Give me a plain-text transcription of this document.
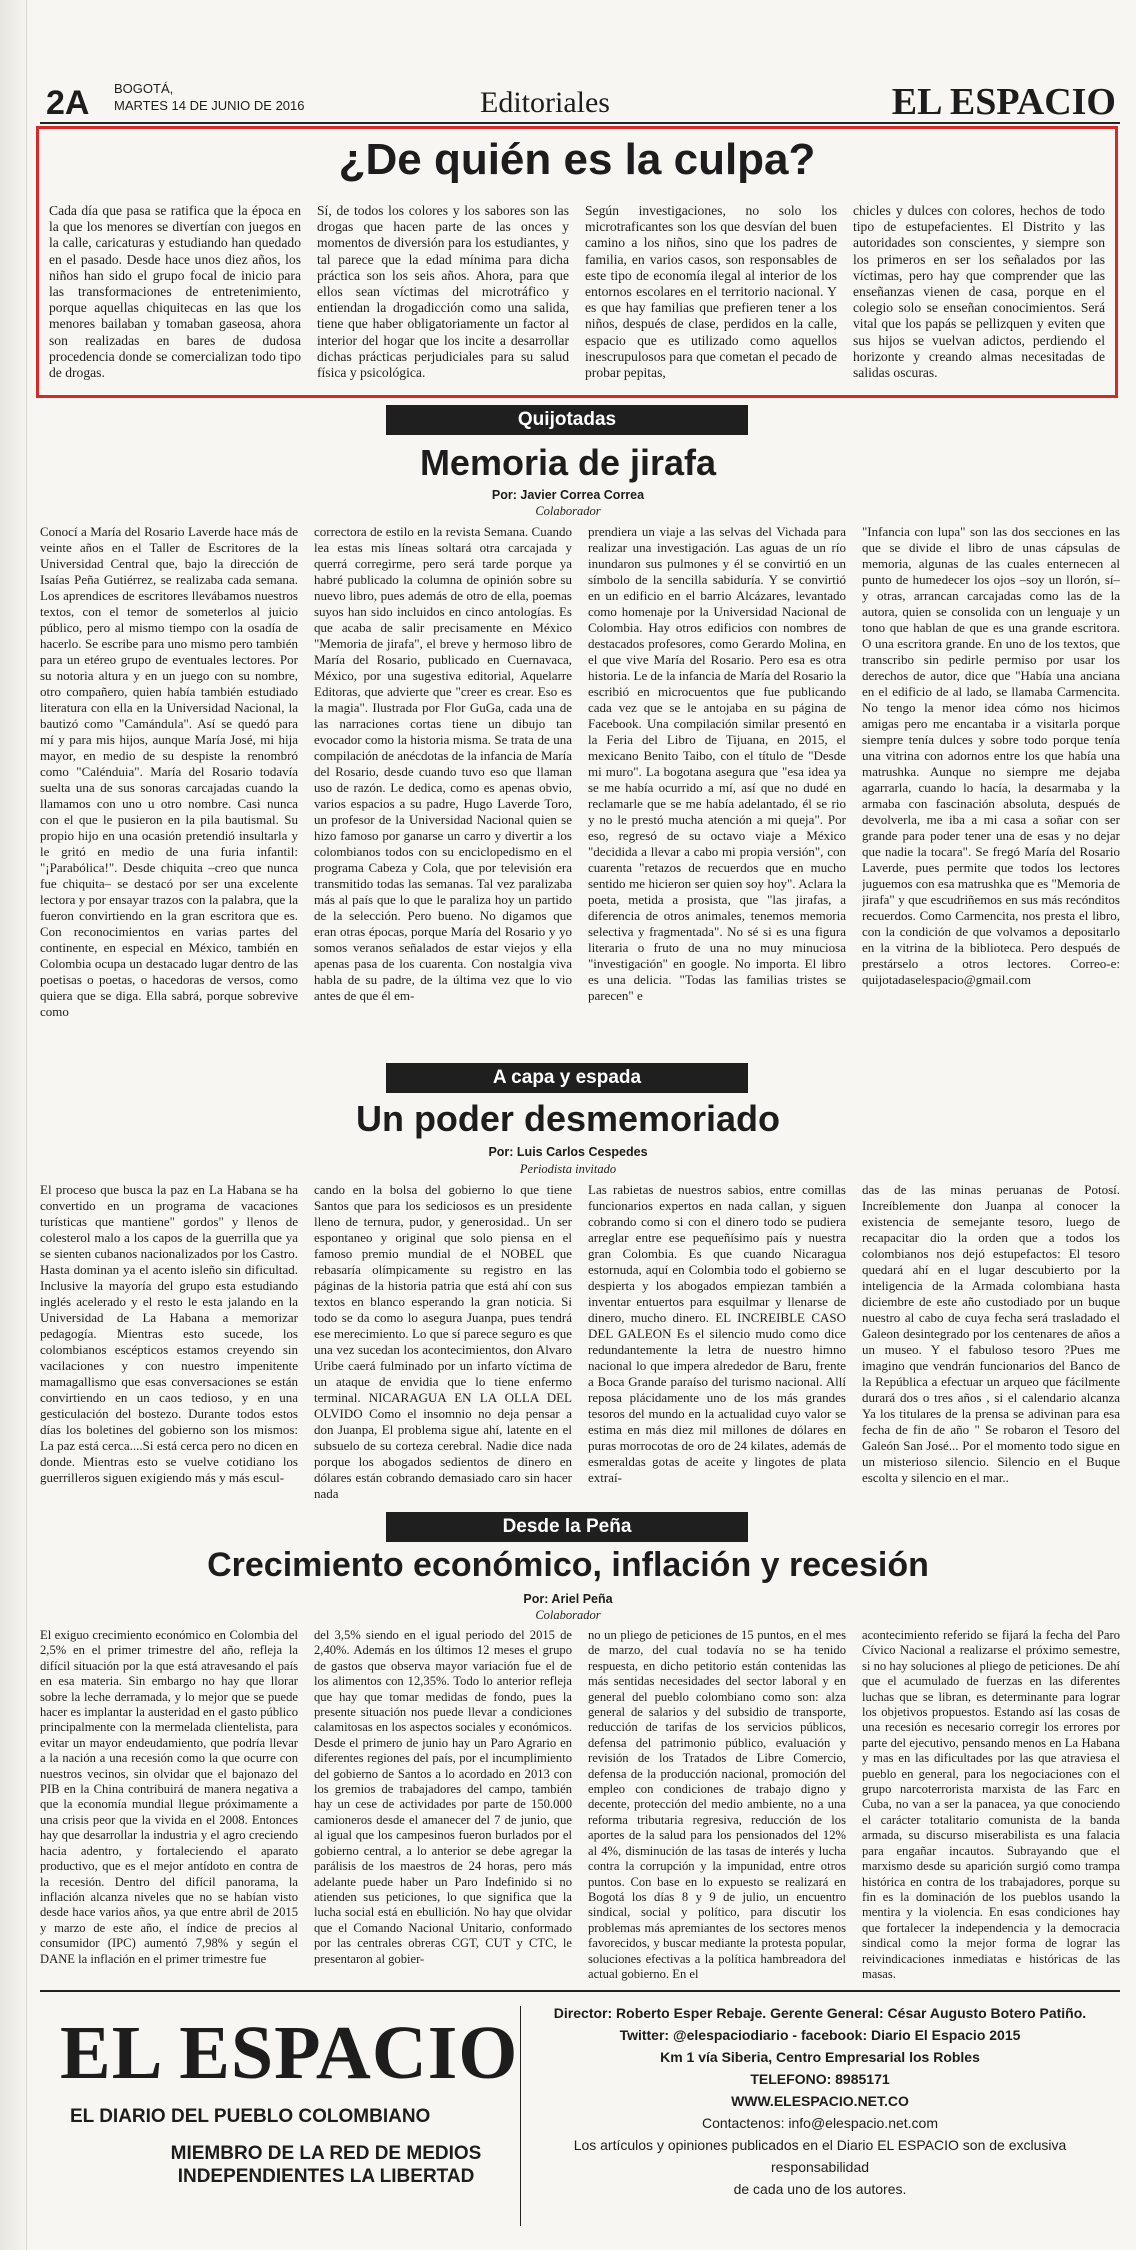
2A BOGOTÁ,
MARTES 14 DE JUNIO DE 2016	Editoriales	EL ESPACIO
¿De quién es la culpa?

Cada día que pasa se ratifica que la época en la que los menores se divertían con juegos en la calle, caricaturas y estudiando han quedado en el pasado. Desde hace unos diez años, los niños han sido el grupo focal de inicio para las transformaciones de entretenimiento, porque aquellas chiquitecas en las que los menores bailaban y tomaban gaseosa, ahora son realizadas en bares de dudosa procedencia donde se comercializan todo tipo de drogas.

Sí, de todos los colores y los sabores son las drogas que hacen parte de las onces y momentos de diversión para los estudiantes, y tal parece que la edad mínima para dicha práctica son los seis años. Ahora, para que ellos sean víctimas del microtráfico y entiendan la drogadicción como una salida, tiene que haber obligatoriamente un factor al interior del hogar que los incite a desarrollar dichas prácticas perjudiciales para su salud física y psicológica.

Según investigaciones, no solo los microtraficantes son los que desvían del buen camino a los niños, sino que los padres de familia, en varios casos, son responsables de este tipo de economía ilegal al interior de los entornos escolares en el territorio nacional. Y es que hay familias que prefieren tener a los niños, después de clase, perdidos en la calle, espacio que es utilizado como aquellos inescrupulosos para que cometan el pecado de probar pepitas,

chicles y dulces con colores, hechos de todo tipo de estupefacientes. El Distrito y las autoridades son conscientes, y siempre son los primeros en ser los señalados por las víctimas, pero hay que comprender que las enseñanzas vienen de casa, porque en el colegio solo se enseñan conocimientos. Será vital que los papás se pellizquen y eviten que sus hijos se vuelvan adictos, perdiendo el horizonte y creando almas necesitadas de salidas oscuras.

Quijotadas
Memoria de jirafa
Por: Javier Correa Correa
Colaborador

Conocí a María del Rosario Laverde hace más de veinte años en el Taller de Escritores de la Universidad Central que, bajo la dirección de Isaías Peña Gutiérrez, se realizaba cada semana. Los aprendices de escritores llevábamos nuestros textos, con el temor de someterlos al juicio público, pero al mismo tiempo con la osadía de hacerlo. Se escribe para uno mismo pero también para un etéreo grupo de eventuales lectores. Por su notoria altura y en un juego con su nombre, otro compañero, quien había también estudiado literatura con ella en la Universidad Nacional, la bautizó como "Camándula". Así se quedó para mí y para mis hijos, aunque María José, mi hija mayor, en medio de su despiste la renombró como "Calénduia". María del Rosario todavía suelta una de sus sonoras carcajadas cuando la llamamos con uno u otro nombre. Casi nunca con el que le pusieron en la pila bautismal. Su propio hijo en una ocasión pretendió insultarla y le gritó en medio de una furia infantil: "¡Parabólica!". Desde chiquita –creo que nunca fue chiquita– se destacó por ser una excelente lectora y por ensayar trazos con la palabra, que la fueron convirtiendo en la gran escritora que es. Con reconocimientos en varias partes del continente, en especial en México, también en Colombia ocupa un destacado lugar dentro de las poetisas o poetas, o hacedoras de versos, como quiera que se diga. Ella sabrá, porque sobrevive como

correctora de estilo en la revista Semana. Cuando lea estas mis líneas soltará otra carcajada y querrá corregirme, pero será tarde porque ya habré publicado la columna de opinión sobre su nuevo libro, pues además de otro de ella, poemas suyos han sido incluidos en cinco antologías. Es que acaba de salir precisamente en México "Memoria de jirafa", el breve y hermoso libro de María del Rosario, publicado en Cuernavaca, México, por una sugestiva editorial, Aquelarre Editoras, que advierte que "creer es crear. Eso es la magia". Ilustrada por Flor GuGa, cada una de las narraciones cortas tiene un dibujo tan evocador como la historia misma. Se trata de una compilación de anécdotas de la infancia de María del Rosario, desde cuando tuvo eso que llaman uso de razón. Le dedica, como es apenas obvio, varios espacios a su padre, Hugo Laverde Toro, un profesor de la Universidad Nacional quien se hizo famoso por ganarse un carro y divertir a los colombianos todos con su enciclopedismo en el programa Cabeza y Cola, que por televisión era transmitido todas las semanas. Tal vez paralizaba más al país que lo que le paraliza hoy un partido de la selección. Pero bueno. No digamos que eran otras épocas, porque María del Rosario y yo somos veranos señalados de estar viejos y ella apenas pasa de los cuarenta. Con nostalgia viva habla de su padre, de la última vez que lo vio antes de que él em-

prendiera un viaje a las selvas del Vichada para realizar una investigación. Las aguas de un río inundaron sus pulmones y él se convirtió en un símbolo de la sencilla sabiduría. Y se convirtió en un edificio en el barrio Alcázares, levantado como homenaje por la Universidad Nacional de Colombia. Hay otros edificios con nombres de destacados profesores, como Gerardo Molina, en el que vive María del Rosario. Pero esa es otra historia. Le de la infancia de María del Rosario la escribió en microcuentos que fue publicando cada vez que se le antojaba en su página de Facebook. Una compilación similar presentó en la Feria del Libro de Tijuana, en 2015, el mexicano Benito Taibo, con el título de "Desde mi muro". La bogotana asegura que "esa idea ya se me había ocurrido a mí, así que no dudé en reclamarle que se me había adelantado, él se rio y no le prestó mucha atención a mi queja". Por eso, regresó de su octavo viaje a México "decidida a llevar a cabo mi propia versión", con cuarenta "retazos de recuerdos que en mucho sentido me hicieron ser quien soy hoy". Aclara la poeta, metida a prosista, que "las jirafas, a diferencia de otros animales, tenemos memoria selectiva y fragmentada". No sé si es una figura literaria o fruto de una no muy minuciosa "investigación" en google. No importa. El libro es una delicia. "Todas las familias tristes se parecen" e

"Infancia con lupa" son las dos secciones en las que se divide el libro de unas cápsulas de memoria, algunas de las cuales enternecen al punto de humedecer los ojos –soy un llorón, sí– y otras, arrancan carcajadas como las de la autora, quien se consolida con un lenguaje y un tono que hablan de que es una grande escritora. O una escritora grande. En uno de los textos, que transcribo sin pedirle permiso por usar los derechos de autor, dice que "Había una anciana en el edificio de al lado, se llamaba Carmencita. No tengo la menor idea cómo nos hicimos amigas pero me encantaba ir a visitarla porque siempre tenía dulces y sobre todo porque tenía una vitrina con adornos entre los que había una matrushka. Aunque no siempre me dejaba agarrarla, cuando lo hacía, la desarmaba y la armaba con fascinación absoluta, después de devolverla, me iba a mi casa a soñar con ser grande para poder tener una de esas y no dejar que nadie la tocara". Se fregó María del Rosario Laverde, pues permite que todos los lectores juguemos con esa matrushka que es "Memoria de jirafa" y que escudriñemos en sus más recónditos recuerdos. Como Carmencita, nos presta el libro, con la condición de que volvamos a depositarlo en la vitrina de la biblioteca. Pero después de prestárselo a otros lectores. Correo-e: quijotadaselespacio@gmail.com

A capa y espada
Un poder desmemoriado
Por: Luis Carlos Cespedes
Periodista invitado

El proceso que busca la paz en La Habana se ha convertido en un programa de vacaciones turísticas que mantiene" gordos" y llenos de colesterol malo a los capos de la guerrilla que ya se sienten cubanos nacionalizados por los Castro. Hasta dominan ya el acento isleño sin dificultad. Inclusive la mayoría del grupo esta estudiando inglés acelerado y el resto le esta jalando en la Universidad de La Habana a memorizar pedagogía. Mientras esto sucede, los colombianos escépticos estamos creyendo sin vacilaciones y con nuestro impenitente mamagallismo que esas conversaciones se están convirtiendo en un caos tedioso, y en una gesticulación del bostezo. Durante todos estos días los boletines del gobierno son los mismos: La paz está cerca....Si está cerca pero no dicen en donde. Mientras esto se vuelve cotidiano los guerrilleros siguen exigiendo más y más escul-

cando en la bolsa del gobierno lo que tiene Santos que para los sediciosos es un presidente lleno de ternura, pudor, y generosidad.. Un ser espontaneo y original que solo piensa en el famoso premio mundial de el NOBEL que rebasaría olímpicamente su registro en las páginas de la historia patria que está ahí con sus textos en blanco esperando la gran noticia. Si todo se da como lo asegura Juanpa, pues tendrá ese merecimiento. Lo que sí parece seguro es que una vez sucedan los acontecimientos, don Alvaro Uribe caerá fulminado por un infarto víctima de un ataque de envidia que lo tiene enfermo terminal. NICARAGUA EN LA OLLA DEL OLVIDO Como el insomnio no deja pensar a don Juanpa, El problema sigue ahí, latente en el subsuelo de su corteza cerebral. Nadie dice nada porque los abogados sedientos de dinero en dólares están cobrando demasiado caro sin hacer nada

Las rabietas de nuestros sabios, entre comillas funcionarios expertos en nada callan, y siguen cobrando como si con el dinero todo se pudiera arreglar entre ese pequeñísimo país y nuestra gran Colombia. Es que cuando Nicaragua estornuda, aquí en Colombia todo el gobierno se despierta y los abogados empiezan también a inventar entuertos para esquilmar y llenarse de dinero, mucho dinero. EL INCREIBLE CASO DEL GALEON Es el silencio mudo como dice redundantemente la letra de nuestro himno nacional lo que impera alrededor de Baru, frente a Boca Grande paraíso del turismo nacional. Allí reposa plácidamente uno de los más grandes tesoros del mundo en la actualidad cuyo valor se estima en más diez mil millones de dólares en puras morrocotas de oro de 24 kilates, además de esmeraldas gotas de aceite y lingotes de plata extraí-

das de las minas peruanas de Potosí. Increíblemente don Juanpa al conocer la existencia de semejante tesoro, luego de recapacitar dio la orden que a todos los colombianos nos dejó estupefactos: El tesoro quedará ahí en el lugar descubierto por la inteligencia de la Armada colombiana hasta diciembre de este año custodiado por un buque nuestro al cabo de cuya fecha será trasladado el Galeon desintegrado por los centenares de años a un museo. Y el fabuloso tesoro ?Pues me imagino que vendrán funcionarios del Banco de la República a efectuar un arqueo que fácilmente durará dos o tres años , si el calendario alcanza Ya los titulares de la prensa se adivinan para esa fecha de fin de año " Se robaron el Tesoro del Galeón San José... Por el momento todo sigue en un misterioso silencio. Silencio en el Buque escolta y silencio en el mar..

Desde la Peña
Crecimiento económico, inflación y recesión
Por: Ariel Peña
Colaborador

El exiguo crecimiento económico en Colombia del 2,5% en el primer trimestre del año, refleja la difícil situación por la que está atravesando el país en esa materia. Sin embargo no hay que llorar sobre la leche derramada, y lo mejor que se puede hacer es implantar la austeridad en el gasto público principalmente con la mermelada clientelista, para evitar un mayor endeudamiento, que podría llevar a la nación a una recesión como la que ocurre con nuestros vecinos, sin olvidar que el bajonazo del PIB en la China contribuirá de manera negativa a que la economía mundial llegue próximamente a una crisis peor que la vivida en el 2008. Entonces hay que desarrollar la industria y el agro creciendo hacia adentro, y fortaleciendo el aparato productivo, que es el mejor antídoto en contra de la recesión. Dentro del difícil panorama, la inflación alcanza niveles que no se habían visto desde hace varios años, ya que entre abril de 2015 y marzo de este año, el índice de precios al consumidor (IPC) aumentó 7,98% y según el DANE la inflación en el primer trimestre fue

del 3,5% siendo en el igual periodo del 2015 de 2,40%. Además en los últimos 12 meses el grupo de gastos que observa mayor variación fue el de los alimentos con 12,35%. Todo lo anterior refleja que hay que tomar medidas de fondo, pues la presente situación nos puede llevar a condiciones calamitosas en los aspectos sociales y económicos. Desde el primero de junio hay un Paro Agrario en diferentes regiones del país, por el incumplimiento del gobierno de Santos a lo acordado en 2013 con los gremios de trabajadores del campo, también hay un cese de actividades por parte de 150.000 camioneros desde el amanecer del 7 de junio, que al igual que los campesinos fueron burlados por el gobierno central, a lo anterior se debe agregar la parálisis de los maestros de 24 horas, pero más adelante puede haber un Paro Indefinido si no atienden sus peticiones, lo que significa que la lucha social está en ebullición. No hay que olvidar que el Comando Nacional Unitario, conformado por las centrales obreras CGT, CUT y CTC, le presentaron al gobier-

no un pliego de peticiones de 15 puntos, en el mes de marzo, del cual todavía no se ha tenido respuesta, en dicho petitorio están contenidas las más sentidas necesidades del sector laboral y en general del pueblo colombiano como son: alza general de salarios y del subsidio de transporte, reducción de tarifas de los servicios públicos, defensa del patrimonio público, evaluación y revisión de los Tratados de Libre Comercio, defensa de la producción nacional, promoción del empleo con condiciones de trabajo digno y decente, protección del medio ambiente, no a una reforma tributaria regresiva, reducción de los aportes de la salud para los pensionados del 12% al 4%, disminución de las tasas de interés y lucha contra la corrupción y la impunidad, entre otros puntos. Con base en lo expuesto se realizará en Bogotá los días 8 y 9 de julio, un encuentro sindical, social y político, para discutir los problemas más apremiantes de los sectores menos favorecidos, y buscar mediante la protesta popular, soluciones efectivas a la política hambreadora del actual gobierno. En el

acontecimiento referido se fijará la fecha del Paro Cívico Nacional a realizarse el próximo semestre, si no hay soluciones al pliego de peticiones. De ahí que el acumulado de fuerzas en las diferentes luchas que se libran, es determinante para lograr los objetivos propuestos. Estando así las cosas de una recesión es necesario corregir los errores por parte del ejecutivo, pensando menos en La Habana y mas en las dificultades por las que atraviesa el pueblo en general, para los negociaciones con el grupo narcoterrorista marxista de las Farc en Cuba, no van a ser la panacea, ya que conociendo el carácter totalitario comunista de la banda armada, su discurso miserabilista es una falacia para engañar incautos. Subrayando que el marxismo desde su aparición surgió como trampa histórica en contra de los trabajadores, porque su fin es la dominación de los pueblos usando la mentira y la violencia. En esas condiciones hay que fortalecer la independencia y la democracia sindical como la mejor forma de lograr las reivindicaciones inmediatas e históricas de las masas.

EL ESPACIO
EL DIARIO DEL PUEBLO COLOMBIANO
MIEMBRO DE LA RED DE MEDIOS
INDEPENDIENTES LA LIBERTAD
Director: Roberto Esper Rebaje. Gerente General: César Augusto Botero Patiño.
Twitter: @elespaciodiario - facebook: Diario El Espacio 2015
Km 1 vía Siberia, Centro Empresarial los Robles
TELEFONO: 8985171
WWW.ELESPACIO.NET.CO
Contactenos: info@elespacio.net.com
Los artículos y opiniones publicados en el Diario EL ESPACIO son de exclusiva responsabilidad
de cada uno de los autores.
